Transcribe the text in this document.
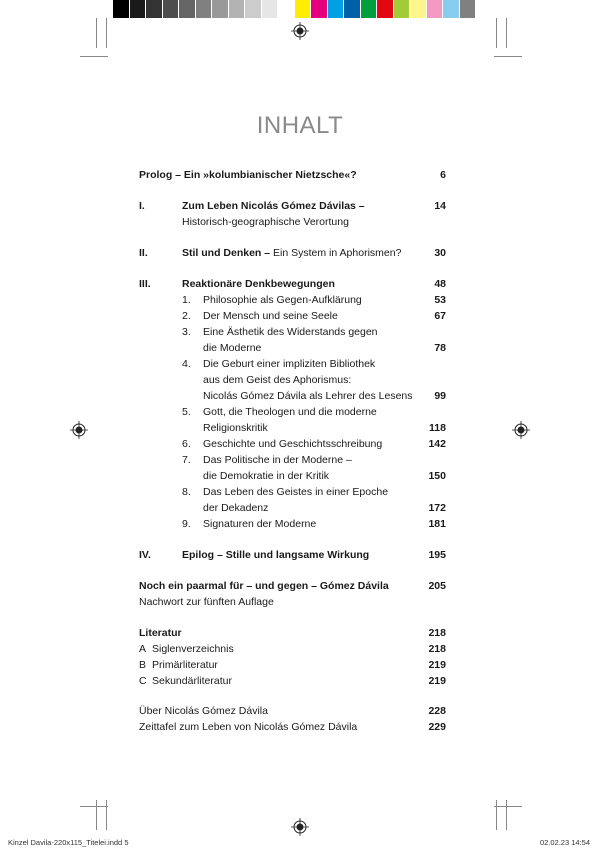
INHALT
Prolog – Ein »kolumbianischer Nietzsche«?	6
I.	Zum Leben Nicolás Gómez Dávilas –	14
Historisch-geographische Verortung
II.	Stil und Denken – Ein System in Aphorismen?	30
III.	Reaktionäre Denkbewegungen	48
1. Philosophie als Gegen-Aufklärung	53
2. Der Mensch und seine Seele	67
3. Eine Ästhetik des Widerstands gegen
die Moderne	78
4. Die Geburt einer impliziten Bibliothek
aus dem Geist des Aphorismus:
Nicolás Gómez Dávila als Lehrer des Lesens 99
5. Gott, die Theologen und die moderne
Religionskritik	118
6. Geschichte und Geschichtsschreibung	142
7. Das Politische in der Moderne –
die Demokratie in der Kritik	150
8. Das Leben des Geistes in einer Epoche
der Dekadenz	172
9. Signaturen der Moderne	181
IV.	Epilog – Stille und langsame Wirkung	195
Noch ein paarmal für – und gegen – Gómez Dávila	205
Nachwort zur fünften Auflage
Literatur	218
A Siglenverzeichnis	218
B Primärliteratur	219
C Sekundärliteratur	219
Über Nicolás Gómez Dávila	228
Zeittafel zum Leben von Nicolás Gómez Dávila	229
Kinzel Davila-220x115_Titelei.indd 5	02.02.23 14:54
